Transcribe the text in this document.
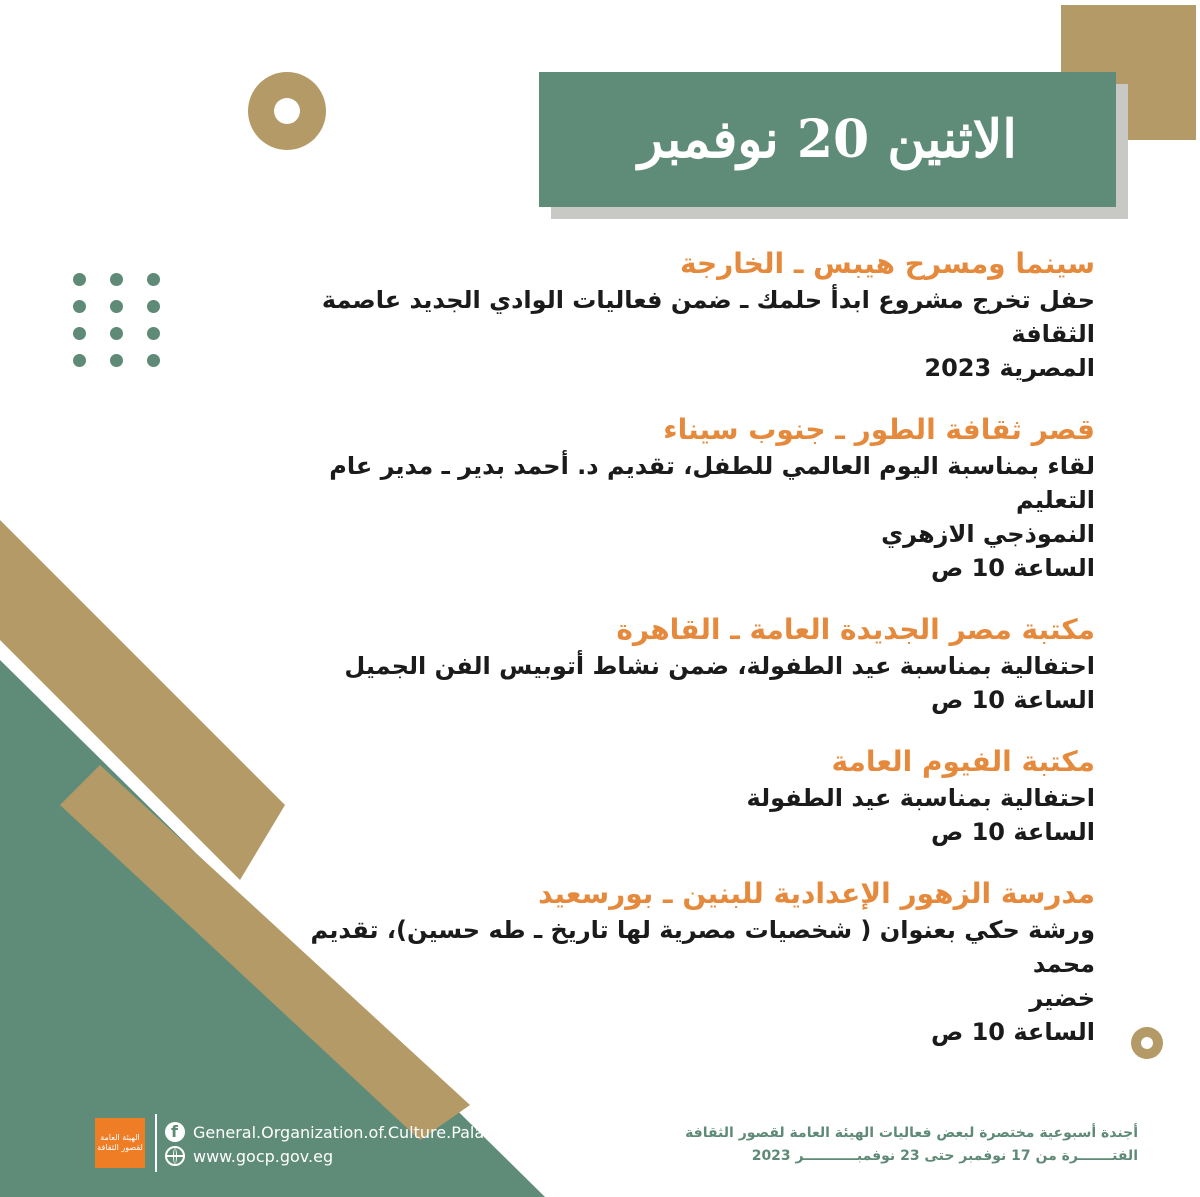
الاثنين 20 نوفمبر
سينما ومسرح هيبس ـ الخارجة
حفل تخرج مشروع ابدأ حلمك ـ ضمن فعاليات الوادي الجديد عاصمة الثقافة
المصرية 2023
قصر ثقافة الطور ـ جنوب سيناء
لقاء بمناسبة اليوم العالمي للطفل، تقديم د. أحمد بدير ـ مدير عام التعليم
النموذجي الازهري
الساعة 10 ص
مكتبة مصر الجديدة العامة ـ القاهرة
احتفالية بمناسبة عيد الطفولة، ضمن نشاط أتوبيس الفن الجميل
الساعة 10 ص
مكتبة الفيوم العامة
احتفالية بمناسبة عيد الطفولة
الساعة 10 ص
مدرسة الزهور الإعدادية للبنين ـ بورسعيد
ورشة حكي بعنوان ( شخصيات مصرية لها تاريخ ـ طه حسين)، تقديم محمد
خضير
الساعة 10 ص
الهيئة العامة لقصور الثقافة
f
General.Organization.of.Culture.Palaces
www.gocp.gov.eg
أجندة أسبوعية مختصرة لبعض فعاليات الهيئة العامة لقصور الثقافة
الفتـــــــرة من 17 نوفمبر حتى 23 نوفمبـــــــــــر 2023
